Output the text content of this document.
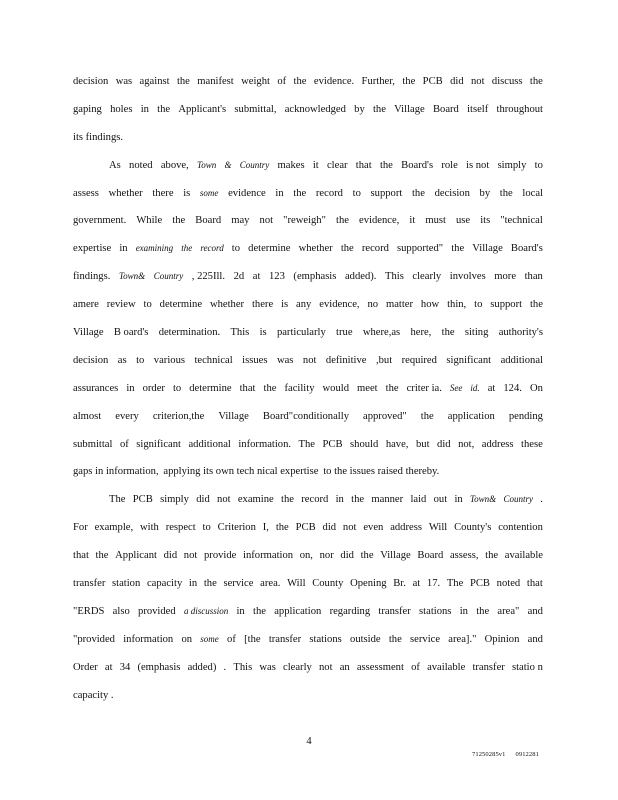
decision was against the manifest weight of the evidence. Further, the PCB did not discuss the
gaping holes in the Applicant's submittal, acknowledged by the Village Board itself throughout
its findings.
As noted above, Town & Country makes it clear that the Board's role is not simply to
assess whether there is some evidence in the record to support the decision by the local
government. While the Board may not "reweigh" the evidence, it must use its "technical
expertise in examining the record to determine whether the record supported" the Village Board's
findings. Town& Country , 225Ill. 2d at 123 (emphasis added). This clearly involves more than
amere review to determine whether there is any evidence, no matter how thin, to support the
Village B oard's determination. This is particularly true where,as here, the siting authority's
decision as to various technical issues was not definitive ,but required significant additional
assurances in order to determine that the facility would meet the criter ia. See id. at 124. On
almost every criterion,the Village Board"conditionally approved" the application pending
submittal of significant additional information. The PCB should have, but did not, address these
gaps in information, applying its own tech nical expertise to the issues raised thereby.
The PCB simply did not examine the record in the manner laid out in Town& Country .
For example, with respect to Criterion I, the PCB did not even address Will County's contention
that the Applicant did not provide information on, nor did the Village Board assess, the available
transfer station capacity in the service area. Will County Opening Br. at 17. The PCB noted that
"ERDS also provided a discussion in the application regarding transfer stations in the area" and
"provided information on some of [the transfer stations outside the service area]." Opinion and
Order at 34 (emphasis added) . This was clearly not an assessment of available transfer statio n
capacity .
4
71250285v1 0912281
